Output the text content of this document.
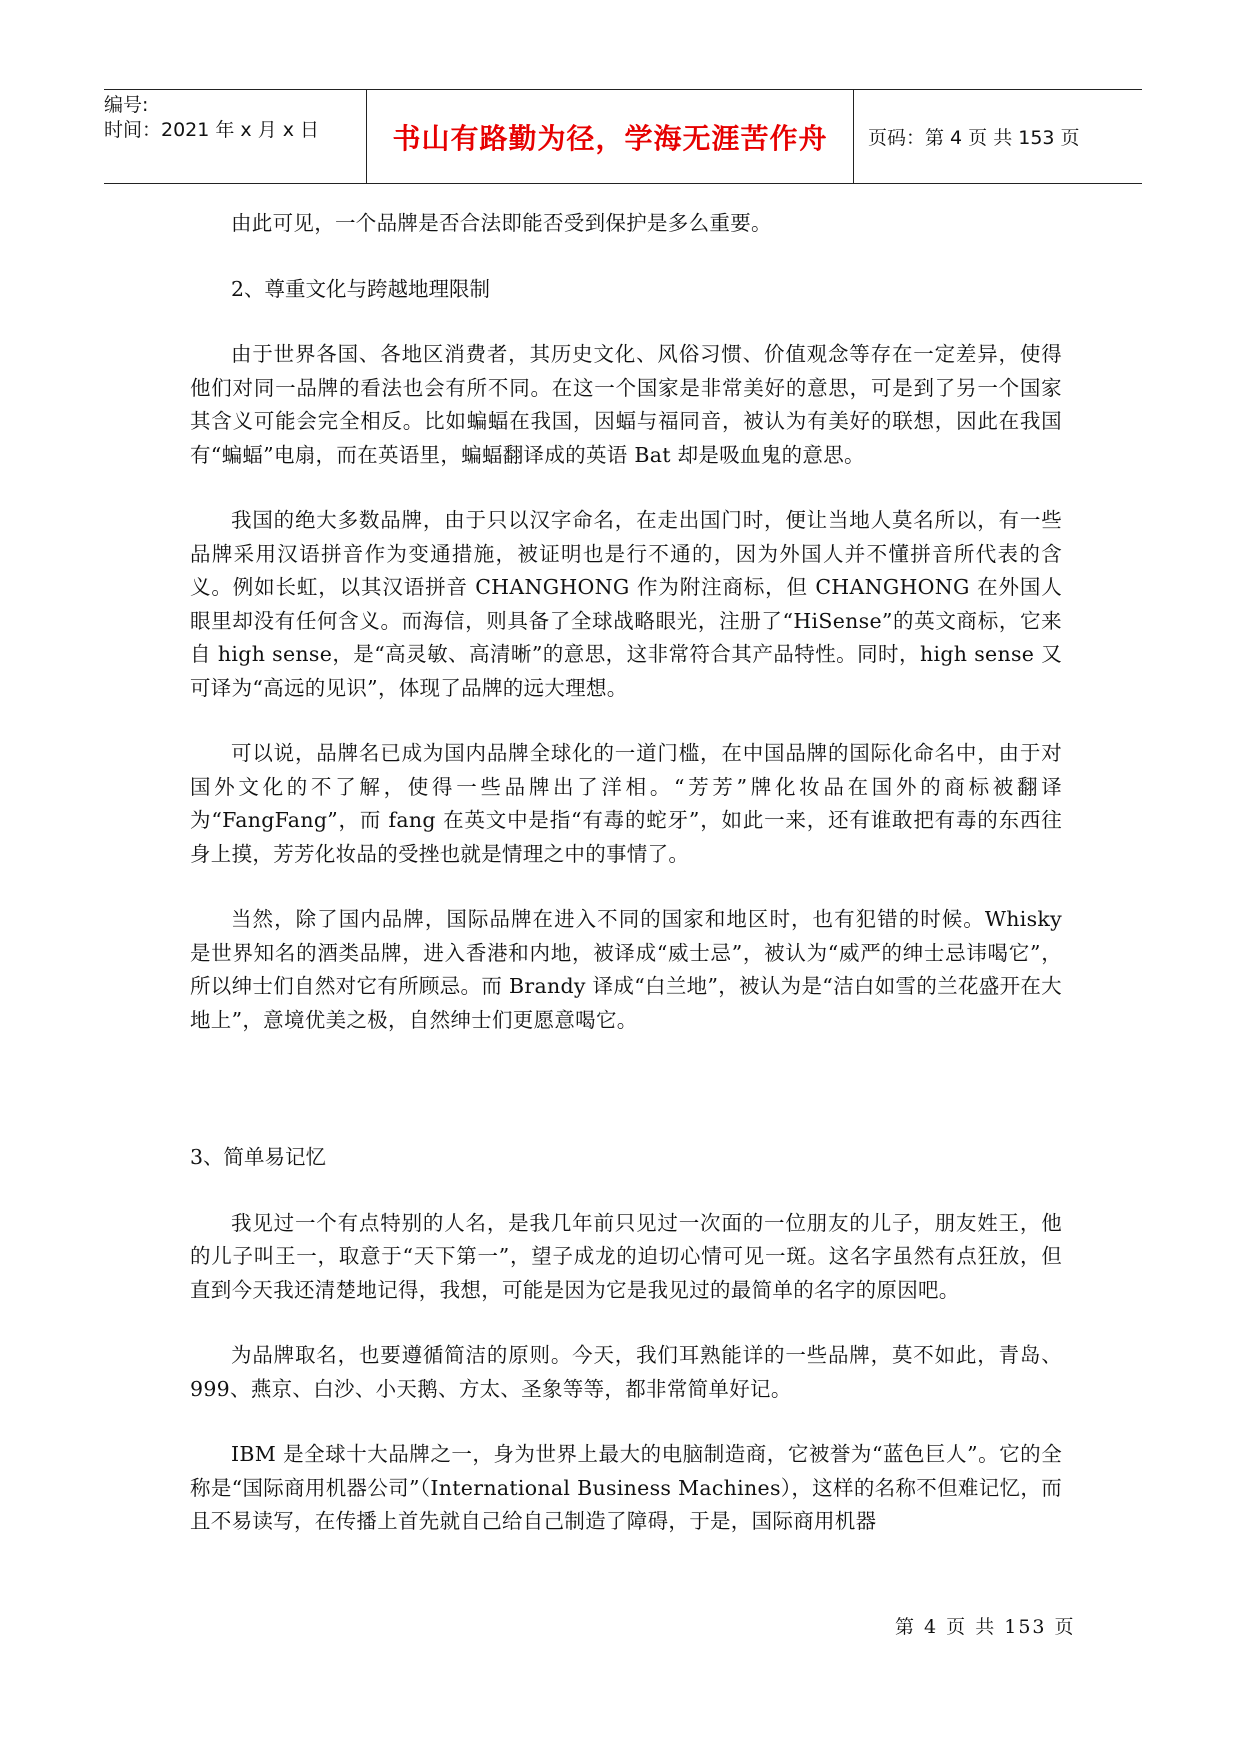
编号:
时间：2021 年 x 月 x 日	书山有路勤为径，学海无涯苦作舟 页码：第 4 页 共 153 页

由此可见，一个品牌是否合法即能否受到保护是多么重要。

2、尊重文化与跨越地理限制

由于世界各国、各地区消费者，其历史文化、风俗习惯、价值观念等存在一定差异，使得他们对同一品牌的看法也会有所不同。在这一个国家是非常美好的意思，可是到了另一个国家其含义可能会完全相反。比如蝙蝠在我国，因蝠与福同音，被认为有美好的联想，因此在我国有“蝙蝠”电扇，而在英语里，蝙蝠翻译成的英语 Bat 却是吸血鬼的意思。

我国的绝大多数品牌，由于只以汉字命名，在走出国门时，便让当地人莫名所以，有一些品牌采用汉语拼音作为变通措施，被证明也是行不通的，因为外国人并不懂拼音所代表的含义。例如长虹，以其汉语拼音 CHANGHONG 作为附注商标，但 CHANGHONG 在外国人眼里却没有任何含义。而海信，则具备了全球战略眼光，注册了“HiSense”的英文商标，它来自 high sense，是“高灵敏、高清晰”的意思，这非常符合其产品特性。同时，high sense 又可译为“高远的见识”，体现了品牌的远大理想。

可以说，品牌名已成为国内品牌全球化的一道门槛，在中国品牌的国际化命名中，由于对国外文化的不了解，使得一些品牌出了洋相。“芳芳”牌化妆品在国外的商标被翻译为“FangFang”，而 fang 在英文中是指“有毒的蛇牙”，如此一来，还有谁敢把有毒的东西往身上摸，芳芳化妆品的受挫也就是情理之中的事情了。

当然，除了国内品牌，国际品牌在进入不同的国家和地区时，也有犯错的时候。Whisky 是世界知名的酒类品牌，进入香港和内地，被译成“威士忌”，被认为“威严的绅士忌讳喝它”，所以绅士们自然对它有所顾忌。而 Brandy 译成“白兰地”，被认为是“洁白如雪的兰花盛开在大地上”，意境优美之极，自然绅士们更愿意喝它。

3、简单易记忆

我见过一个有点特别的人名，是我几年前只见过一次面的一位朋友的儿子，朋友姓王，他的儿子叫王一，取意于“天下第一”，望子成龙的迫切心情可见一斑。这名字虽然有点狂放，但直到今天我还清楚地记得，我想，可能是因为它是我见过的最简单的名字的原因吧。

为品牌取名，也要遵循简洁的原则。今天，我们耳熟能详的一些品牌，莫不如此，青岛、999、燕京、白沙、小天鹅、方太、圣象等等，都非常简单好记。

IBM 是全球十大品牌之一，身为世界上最大的电脑制造商，它被誉为“蓝色巨人”。它的全称是“国际商用机器公司”（International Business Machines），这样的名称不但难记忆，而且不易读写，在传播上首先就自己给自己制造了障碍，于是，国际商用机器

第 4 页 共 153 页
